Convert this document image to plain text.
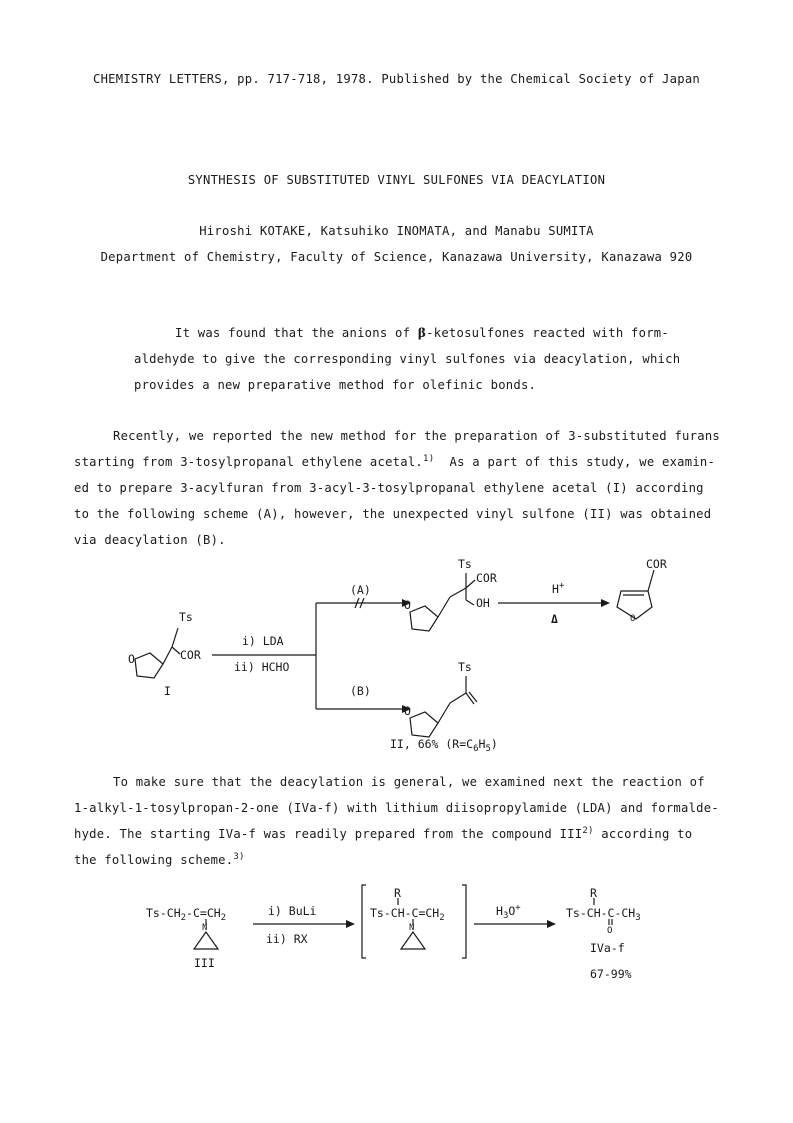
CHEMISTRY LETTERS, pp. 717-718, 1978. Published by the Chemical Society of Japan
SYNTHESIS OF SUBSTITUTED VINYL SULFONES VIA DEACYLATION
Hiroshi KOTAKE, Katsuhiko INOMATA, and Manabu SUMITA
Department of Chemistry, Faculty of Science, Kanazawa University, Kanazawa 920
It was found that the anions of β-ketosulfones reacted with form-
aldehyde to give the corresponding vinyl sulfones via deacylation, which
provides a new preparative method for olefinic bonds.
Recently, we reported the new method for the preparation of 3-substituted furans
starting from 3-tosylpropanal ethylene acetal.$^{1)}$  As a part of this study, we examin-
ed to prepare 3-acylfuran from 3-acyl-3-tosylpropanal ethylene acetal (I) according
to the following scheme (A), however, the unexpected vinyl sulfone (II) was obtained
via deacylation (B).
Ts
O	COR
I
i) LDA
ii) HCHO
(A)
(B)
Ts
COR
OH
O
H+
Δ
COR
O
Ts
O
II, 66% $(R=C_6H_5)$
To make sure that the deacylation is general, we examined next the reaction of
1-alkyl-1-tosylpropan-2-one (IVa-f) with lithium diisopropylamide (LDA) and formalde-
hyde. The starting IVa-f was readily prepared from the compound III$^{2)}$ according to
the following scheme.$^{3)}$
$Ts-CH_2-C=CH_2$
N
III
i) BuLi
ii) RX
R
$Ts-CH-C=CH_2$
N
$H_3O^+$
R
$Ts-CH-C-CH_3$
O
IVa-f
67-99%
